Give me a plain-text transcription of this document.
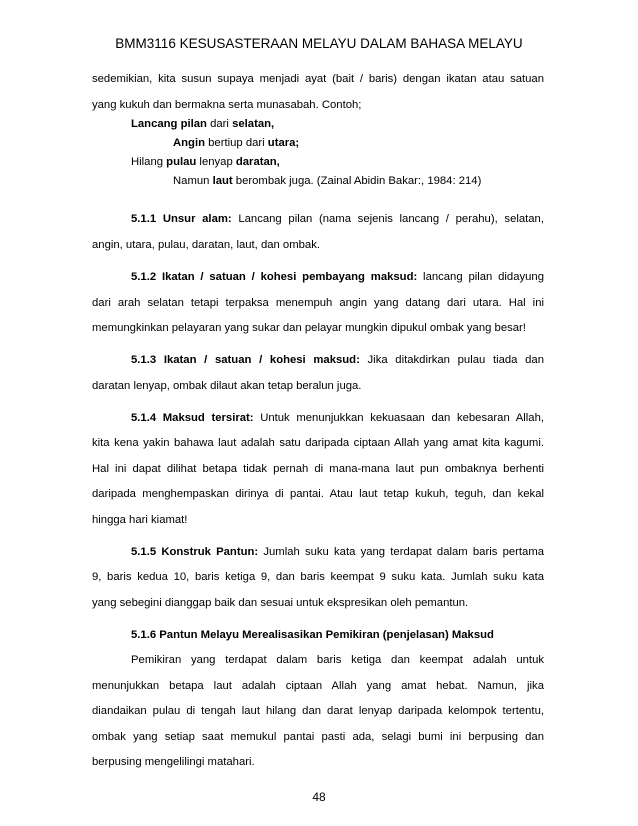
BMM3116 KESUSASTERAAN MELAYU DALAM BAHASA MELAYU
sedemikian, kita susun supaya menjadi ayat (bait / baris) dengan ikatan atau satuan
yang kukuh dan bermakna serta munasabah. Contoh;
Lancang pilan dari selatan,
Angin bertiup dari utara;
Hilang pulau lenyap daratan,
Namun laut berombak juga. (Zainal Abidin Bakar:, 1984: 214)
5.1.1 Unsur alam: Lancang pilan (nama sejenis lancang / perahu), selatan,
angin, utara, pulau, daratan, laut, dan ombak.
5.1.2 Ikatan / satuan / kohesi pembayang maksud: lancang pilan didayung
dari arah selatan tetapi terpaksa menempuh angin yang datang dari utara. Hal ini
memungkinkan pelayaran yang sukar dan pelayar mungkin dipukul ombak yang besar!
5.1.3 Ikatan / satuan / kohesi maksud: Jika ditakdirkan pulau tiada dan
daratan lenyap, ombak dilaut akan tetap beralun juga.
5.1.4 Maksud tersirat: Untuk menunjukkan kekuasaan dan kebesaran Allah,
kita kena yakin bahawa laut adalah satu daripada ciptaan Allah yang amat kita kagumi.
Hal ini dapat dilihat betapa tidak pernah di mana-mana laut pun ombaknya berhenti
daripada menghempaskan dirinya di pantai. Atau laut tetap kukuh, teguh, dan kekal
hingga hari kiamat!
5.1.5 Konstruk Pantun: Jumlah suku kata yang terdapat dalam baris pertama
9, baris kedua 10, baris ketiga 9, dan baris keempat 9 suku kata. Jumlah suku kata
yang sebegini dianggap baik dan sesuai untuk ekspresikan oleh pemantun.
5.1.6 Pantun Melayu Merealisasikan Pemikiran (penjelasan) Maksud
Pemikiran yang terdapat dalam baris ketiga dan keempat adalah untuk
menunjukkan betapa laut adalah ciptaan Allah yang amat hebat. Namun, jika
diandaikan pulau di tengah laut hilang dan darat lenyap daripada kelompok tertentu,
ombak yang setiap saat memukul pantai pasti ada, selagi bumi ini berpusing dan
berpusing mengelilingi matahari.
48
